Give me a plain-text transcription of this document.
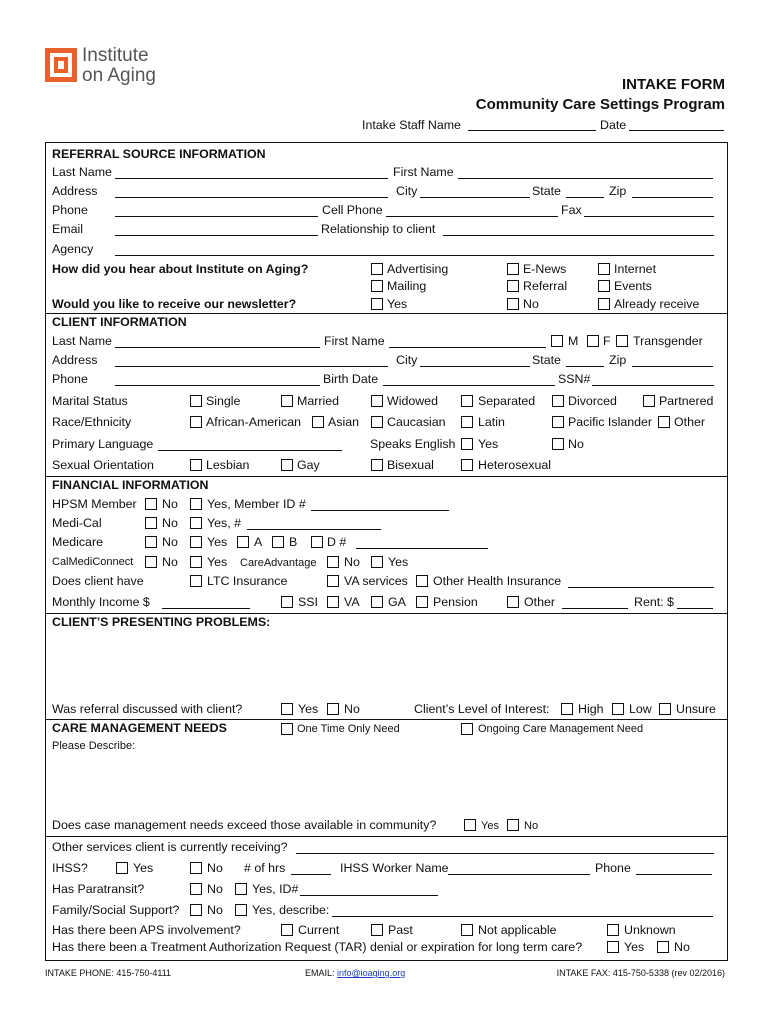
Institute
on Aging	INTAKE FORM
Community Care Settings Program
Intake Staff Name	Date
REFERRAL SOURCE INFORMATION
Last Name	First Name
Address	City	State	Zip
Phone	Cell Phone	Fax
Email	Relationship to client
Agency
How did you hear about Institute on Aging?	Advertising	E-News	Internet
Mailing	Referral	Events
Would you like to receive our newsletter?	Yes	No	Already receive
CLIENT INFORMATION
Last Name	First Name	M F Transgender
Address	City	State	Zip
Phone	Birth Date	SSN#
Marital Status	Single	Married	Widowed	Separated	Divorced	Partnered
Race/Ethnicity	African-American Asian Caucasian	Latin	Pacific Islander Other
Primary Language	Speaks English Yes	No
Sexual Orientation	Lesbian	Gay	Bisexual	Heterosexual
FINANCIAL INFORMATION
HPSM Member No Yes, Member ID #
Medi-Cal	No Yes, #
Medicare	No Yes A B D #
CalMediConnect No Yes CareAdvantage No Yes
Does client have	LTC Insurance	VA services Other Health Insurance
Monthly Income $	SSI VA GA Pension	Other	Rent: $
CLIENT’S PRESENTING PROBLEMS:
Was referral discussed with client?	Yes No	Client’s Level of Interest: High Low Unsure
CARE MANAGEMENT NEEDS	One Time Only Need	Ongoing Care Management Need
Please Describe:
Does case management needs exceed those available in community?	Yes No
Other services client is currently receiving?
IHSS?	Yes	No # of hrs	IHSS Worker Name	Phone
Has Paratransit?	No Yes, ID#
Family/Social Support? No Yes, describe:
Has there been APS involvement?	Current	Past	Not applicable	Unknown
Has there been a Treatment Authorization Request (TAR) denial or expiration for long term care?	Yes No
INTAKE PHONE: 415-750-4111	EMAIL: info@ioaging.org	INTAKE FAX: 415-750-5338 (rev 02/2016)
